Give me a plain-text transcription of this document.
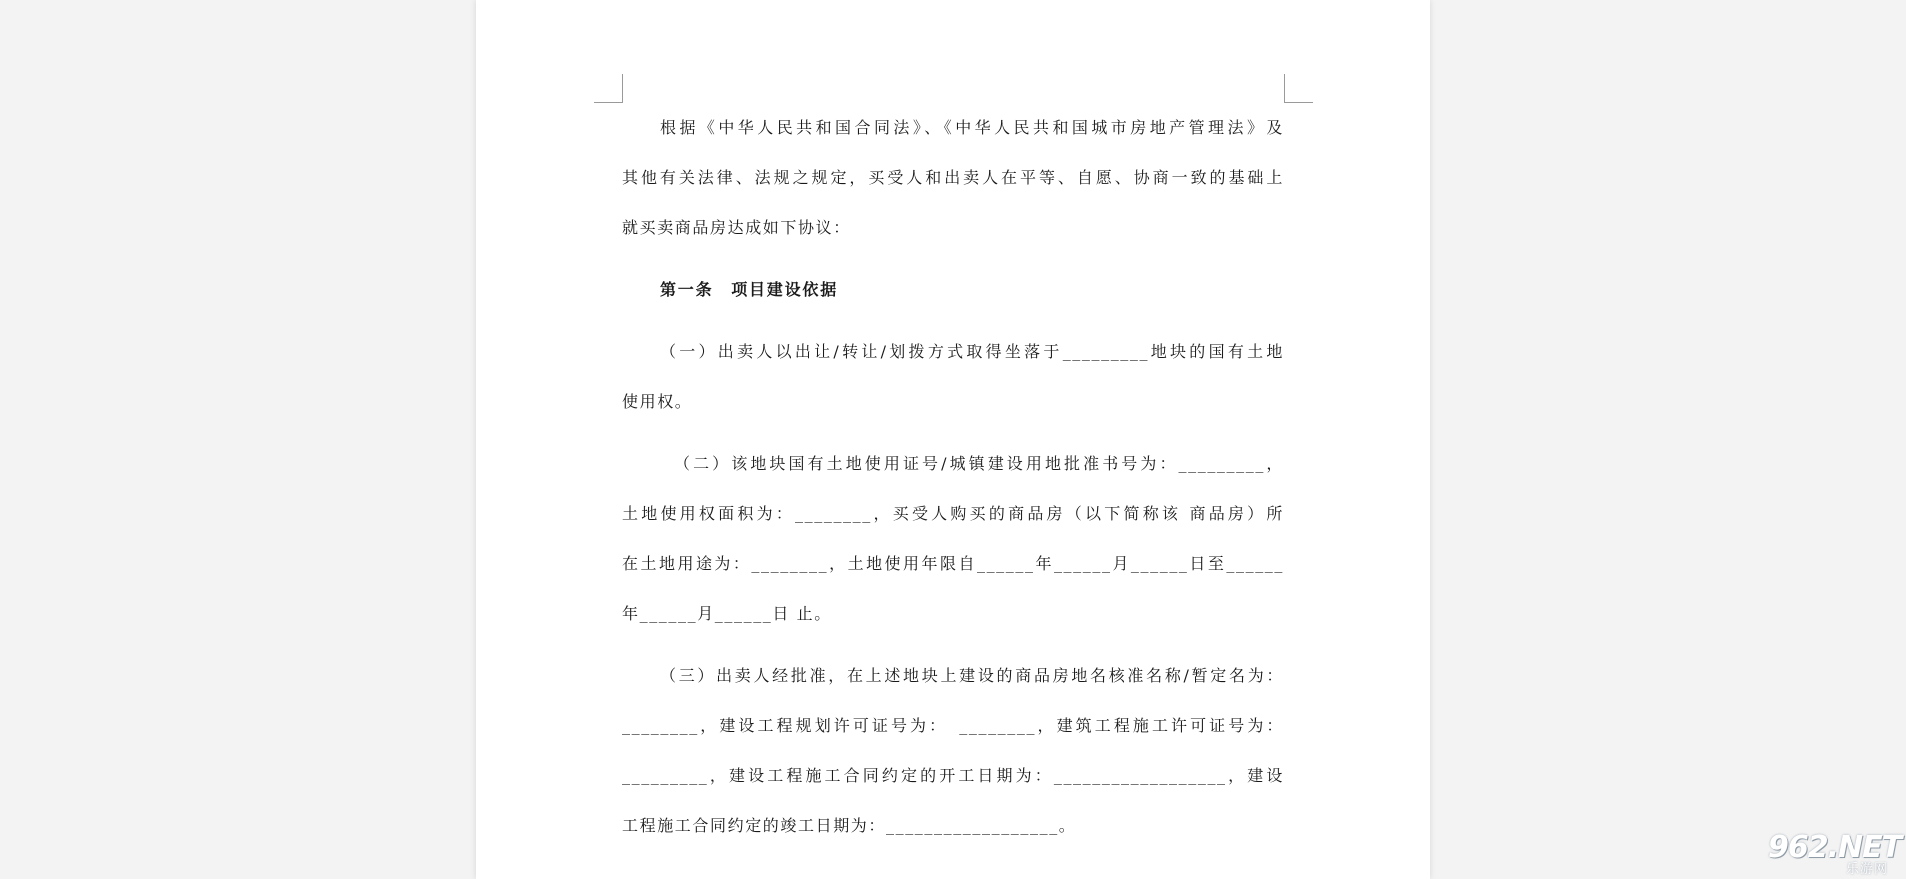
根据《中华人民共和国合同法》、《中华人民共和国城市房地产管理法》及
其他有关法律、法规之规定，买受人和出卖人在平等、自愿、协商一致的基础上
就买卖商品房达成如下协议：
第一条　项目建设依据
（一）出卖人以出让/转让/划拨方式取得坐落于_________地块的国有土地
使用权。
（二）该地块国有土地使用证号/城镇建设用地批准书号为：_________，
土地使用权面积为：________，买受人购买的商品房（以下简称该 商品房）所
在土地用途为：________，土地使用年限自______年______月______日至______
年______月______日 止。
（三）出卖人经批准，在上述地块上建设的商品房地名核准名称/暂定名为：
________，建设工程规划许可证号为：　________，建筑工程施工许可证号为：
_________，建设工程施工合同约定的开工日期为：__________________，建设
工程施工合同约定的竣工日期为：__________________。
962.NET
乐游网
